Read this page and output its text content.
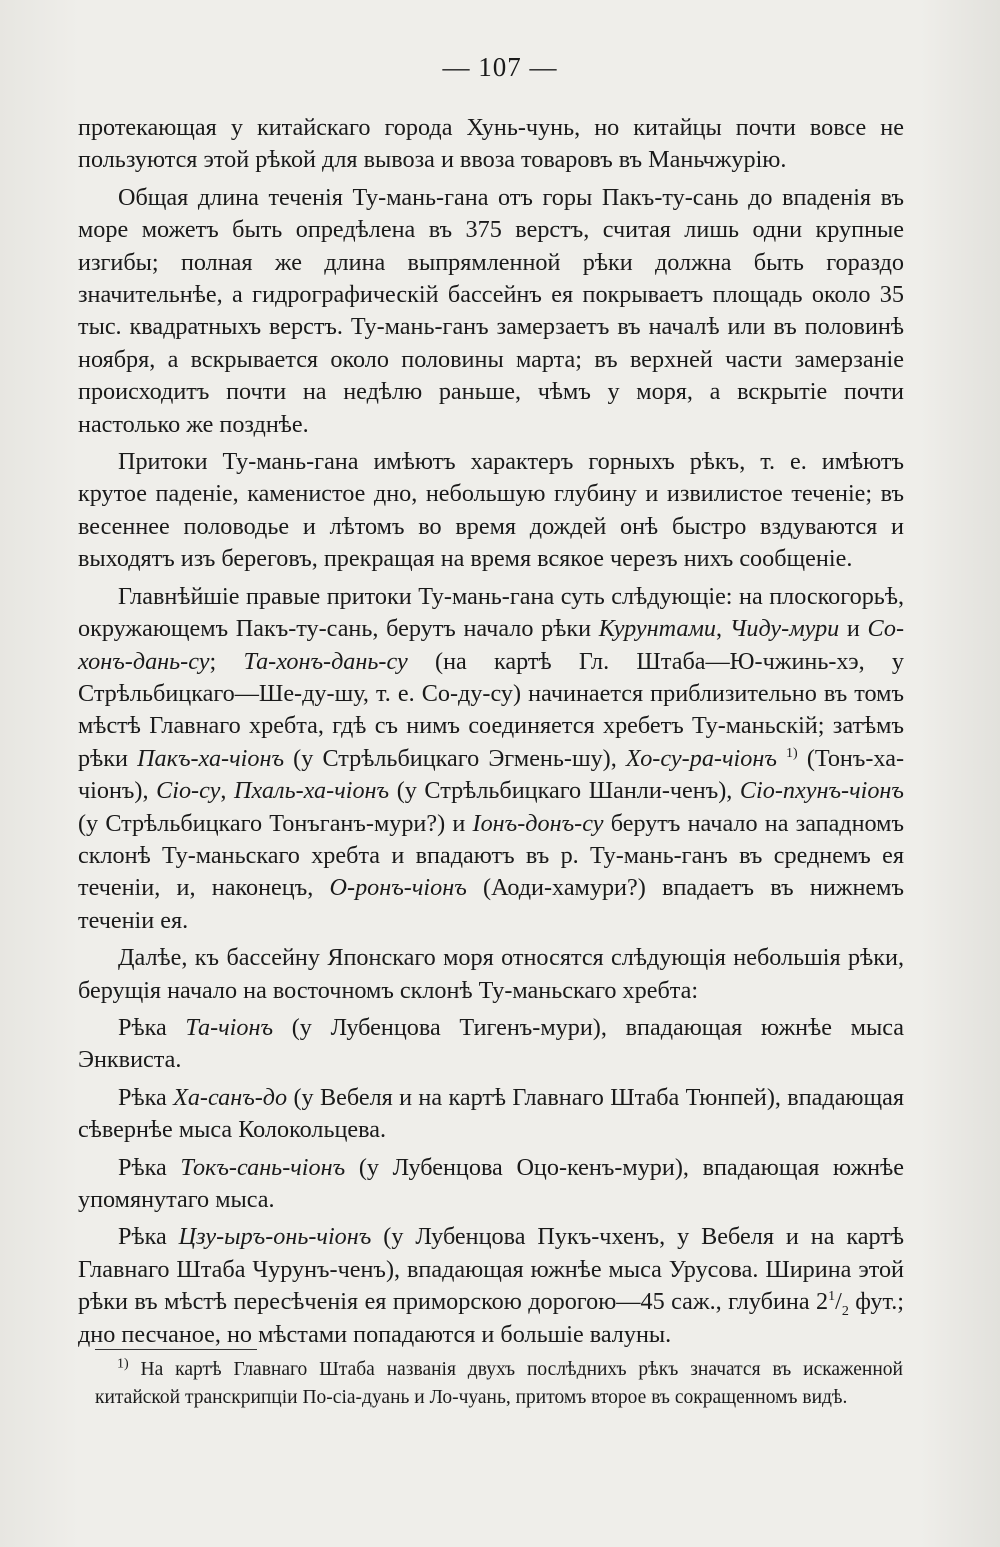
— 107 —

протекающая у китайскаго города Хунь-чунь, но китайцы почти вовсе не пользуются этой рѣкой для вывоза и ввоза товаровъ въ Маньчжурію.

Общая длина теченія Ту-мань-гана отъ горы Пакъ-ту-сань до впаденія въ море можетъ быть опредѣлена въ 375 верстъ, считая лишь одни крупные изгибы; полная же длина выпрямленной рѣки должна быть гораздо значительнѣе, а гидрографическій бассейнъ ея покрываетъ площадь около 35 тыс. квадратныхъ верстъ. Ту-мань-ганъ замерзаетъ въ началѣ или въ половинѣ ноября, а вскрывается около половины марта; въ верхней части замерзаніе происходитъ почти на недѣлю раньше, чѣмъ у моря, а вскрытіе почти настолько же позднѣе.

Притоки Ту-мань-гана имѣютъ характеръ горныхъ рѣкъ, т. е. имѣютъ крутое паденіе, каменистое дно, небольшую глубину и извилистое теченіе; въ весеннее половодье и лѣтомъ во время дождей онѣ быстро вздуваются и выходятъ изъ береговъ, прекращая на время всякое черезъ нихъ сообщеніе.

Главнѣйшіе правые притоки Ту-мань-гана суть слѣдующіе: на плоскогорьѣ, окружающемъ Пакъ-ту-сань, берутъ начало рѣки Курунтами, Чиду-мури и Со-хонъ-дань-су; Та-хонъ-дань-су (на картѣ Гл. Штаба—Ю-чжинь-хэ, у Стрѣльбицкаго—Ше-ду-шу, т. е. Со-ду-су) начинается приблизительно въ томъ мѣстѣ Главнаго хребта, гдѣ съ нимъ соединяется хребетъ Ту-маньскій; затѣмъ рѣки Пакъ-ха-чіонъ (у Стрѣльбицкаго Эгмень-шу), Хо-су-ра-чіонъ $^{1)}$ (Тонъ-ха-чіонъ), Сіо-су, Пхаль-ха-чіонъ (у Стрѣльбицкаго Шанли-ченъ), Сіо-пхунъ-чіонъ (у Стрѣльбицкаго Тонъганъ-мури?) и Іонъ-донъ-су берутъ начало на западномъ склонѣ Ту-маньскаго хребта и впадаютъ въ р. Ту-мань-ганъ въ среднемъ ея теченіи, и, наконецъ, О-ронъ-чіонъ (Аоди-хамури?) впадаетъ въ нижнемъ теченіи ея.

Далѣе, къ бассейну Японскаго моря относятся слѣдующія небольшія рѣки, берущія начало на восточномъ склонѣ Ту-маньскаго хребта:

Рѣка Та-чіонъ (у Лубенцова Тигенъ-мури), впадающая южнѣе мыса Энквиста.

Рѣка Ха-санъ-до (у Вебеля и на картѣ Главнаго Штаба Тюнпей), впадающая сѣвернѣе мыса Колокольцева.

Рѣка Токъ-сань-чіонъ (у Лубенцова Оцо-кенъ-мури), впадающая южнѣе упомянутаго мыса.

Рѣка Цзу-ыръ-онь-чіонъ (у Лубенцова Пукъ-чхенъ, у Вебеля и на картѣ Главнаго Штаба Чурунъ-ченъ), впадающая южнѣе мыса Урусова. Ширина этой рѣки въ мѣстѣ пересѣченія ея приморскою дорогою—45 саж., глубина $2^1/_2$ фут.; дно песчаное, но мѣстами попадаются и большіе валуны.

$^{1)}$ На картѣ Главнаго Штаба названія двухъ послѣднихъ рѣкъ значатся въ искаженной китайской транскрипціи По-сіа-дуань и Ло-чуань, притомъ второе въ сокращенномъ видѣ.
